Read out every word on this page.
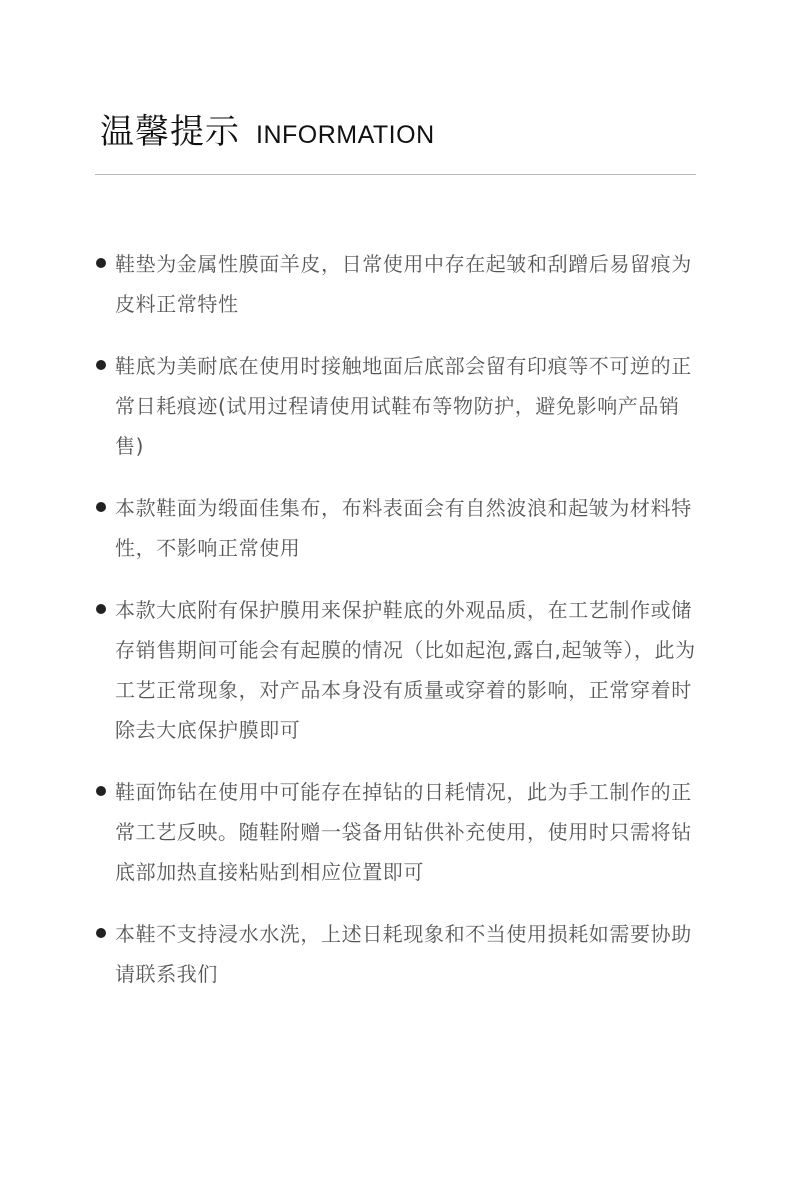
温馨提示 INFORMATION
鞋垫为金属性膜面羊皮，日常使用中存在起皱和刮蹭后易留痕为皮料正常特性
鞋底为美耐底在使用时接触地面后底部会留有印痕等不可逆的正常日耗痕迹(试用过程请使用试鞋布等物防护，避免影响产品销售)
本款鞋面为缎面佳集布，布料表面会有自然波浪和起皱为材料特性，不影响正常使用
本款大底附有保护膜用来保护鞋底的外观品质，在工艺制作或储存销售期间可能会有起膜的情况（比如起泡,露白,起皱等），此为工艺正常现象，对产品本身没有质量或穿着的影响，正常穿着时除去大底保护膜即可
鞋面饰钻在使用中可能存在掉钻的日耗情况，此为手工制作的正常工艺反映。随鞋附赠一袋备用钻供补充使用，使用时只需将钻底部加热直接粘贴到相应位置即可
本鞋不支持浸水水洗，上述日耗现象和不当使用损耗如需要协助请联系我们
